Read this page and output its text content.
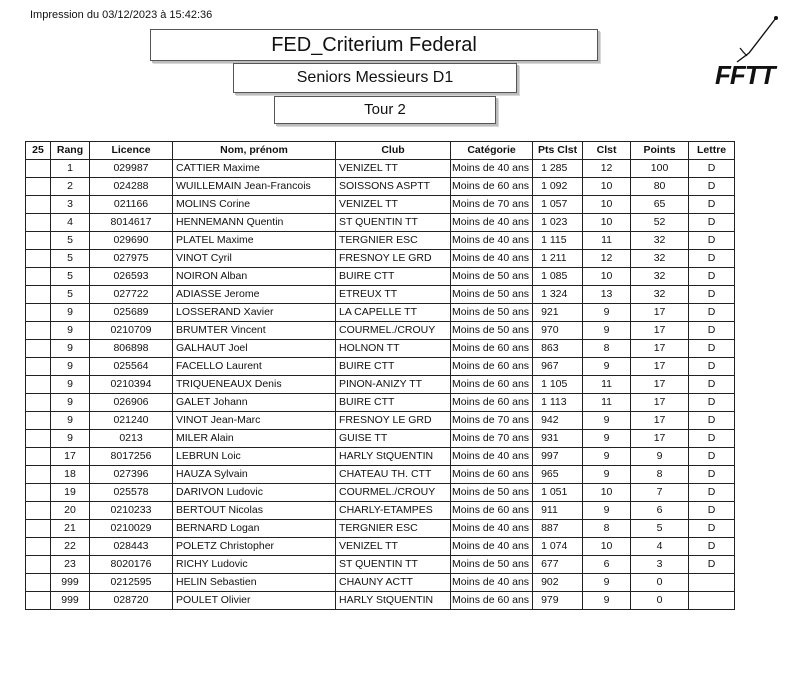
Impression du 03/12/2023 à 15:42:36
FED_Criterium Federal
Seniors Messieurs D1
Tour 2
FFTT
25	Rang	Licence	Nom, prénom	Club	Catégorie	Pts Clst	Clst	Points	Lettre
	1	029987	CATTIER Maxime	VENIZEL TT	Moins de 40 ans	1 285	12	100	D
	2	024288	WUILLEMAIN Jean-Francois	SOISSONS ASPTT	Moins de 60 ans	1 092	10	80	D
	3	021166	MOLINS Corine	VENIZEL TT	Moins de 70 ans	1 057	10	65	D
	4	8014617	HENNEMANN Quentin	ST QUENTIN TT	Moins de 40 ans	1 023	10	52	D
	5	029690	PLATEL Maxime	TERGNIER ESC	Moins de 40 ans	1 115	11	32	D
	5	027975	VINOT Cyril	FRESNOY LE GRD	Moins de 40 ans	1 211	12	32	D
	5	026593	NOIRON Alban	BUIRE CTT	Moins de 50 ans	1 085	10	32	D
	5	027722	ADIASSE Jerome	ETREUX TT	Moins de 50 ans	1 324	13	32	D
	9	025689	LOSSERAND Xavier	LA CAPELLE TT	Moins de 50 ans	921	9	17	D
	9	0210709	BRUMTER Vincent	COURMEL./CROUY	Moins de 50 ans	970	9	17	D
	9	806898	GALHAUT Joel	HOLNON TT	Moins de 60 ans	863	8	17	D
	9	025564	FACELLO Laurent	BUIRE CTT	Moins de 60 ans	967	9	17	D
	9	0210394	TRIQUENEAUX Denis	PINON-ANIZY TT	Moins de 60 ans	1 105	11	17	D
	9	026906	GALET Johann	BUIRE CTT	Moins de 60 ans	1 113	11	17	D
	9	021240	VINOT Jean-Marc	FRESNOY LE GRD	Moins de 70 ans	942	9	17	D
	9	0213	MILER Alain	GUISE TT	Moins de 70 ans	931	9	17	D
	17	8017256	LEBRUN Loic	HARLY StQUENTIN	Moins de 40 ans	997	9	9	D
	18	027396	HAUZA Sylvain	CHATEAU TH. CTT	Moins de 60 ans	965	9	8	D
	19	025578	DARIVON Ludovic	COURMEL./CROUY	Moins de 50 ans	1 051	10	7	D
	20	0210233	BERTOUT Nicolas	CHARLY-ETAMPES	Moins de 60 ans	911	9	6	D
	21	0210029	BERNARD Logan	TERGNIER ESC	Moins de 40 ans	887	8	5	D
	22	028443	POLETZ Christopher	VENIZEL TT	Moins de 40 ans	1 074	10	4	D
	23	8020176	RICHY Ludovic	ST QUENTIN TT	Moins de 50 ans	677	6	3	D
	999	0212595	HELIN Sebastien	CHAUNY ACTT	Moins de 40 ans	902	9	0	
	999	028720	POULET Olivier	HARLY StQUENTIN	Moins de 60 ans	979	9	0	
